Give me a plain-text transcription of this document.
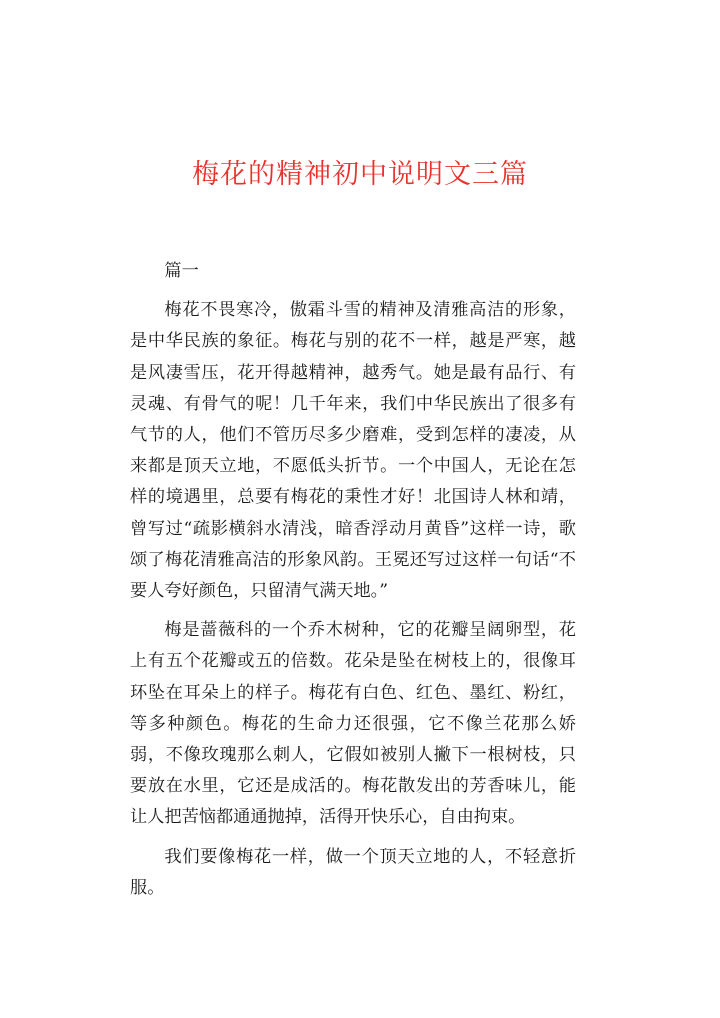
梅花的精神初中说明文三篇

篇一

梅花不畏寒冷，傲霜斗雪的精神及清雅高洁的形象，是中华民族的象征。梅花与别的花不一样，越是严寒，越是风凄雪压，花开得越精神，越秀气。她是最有品行、有灵魂、有骨气的呢！几千年来，我们中华民族出了很多有气节的人，他们不管历尽多少磨难，受到怎样的凄凌，从来都是顶天立地，不愿低头折节。一个中国人，无论在怎样的境遇里，总要有梅花的秉性才好！北国诗人林和靖，曾写过“疏影横斜水清浅，暗香浮动月黄昏”这样一诗，歌颂了梅花清雅高洁的形象风韵。王冕还写过这样一句话“不要人夸好颜色，只留清气满天地。”

梅是蔷薇科的一个乔木树种，它的花瓣呈阔卵型，花上有五个花瓣或五的倍数。花朵是坠在树枝上的，很像耳环坠在耳朵上的样子。梅花有白色、红色、墨红、粉红，等多种颜色。梅花的生命力还很强，它不像兰花那么娇弱，不像玫瑰那么刺人，它假如被别人撇下一根树枝，只要放在水里，它还是成活的。梅花散发出的芳香味儿，能让人把苦恼都通通抛掉，活得开快乐心，自由拘束。

我们要像梅花一样，做一个顶天立地的人，不轻意折服。
